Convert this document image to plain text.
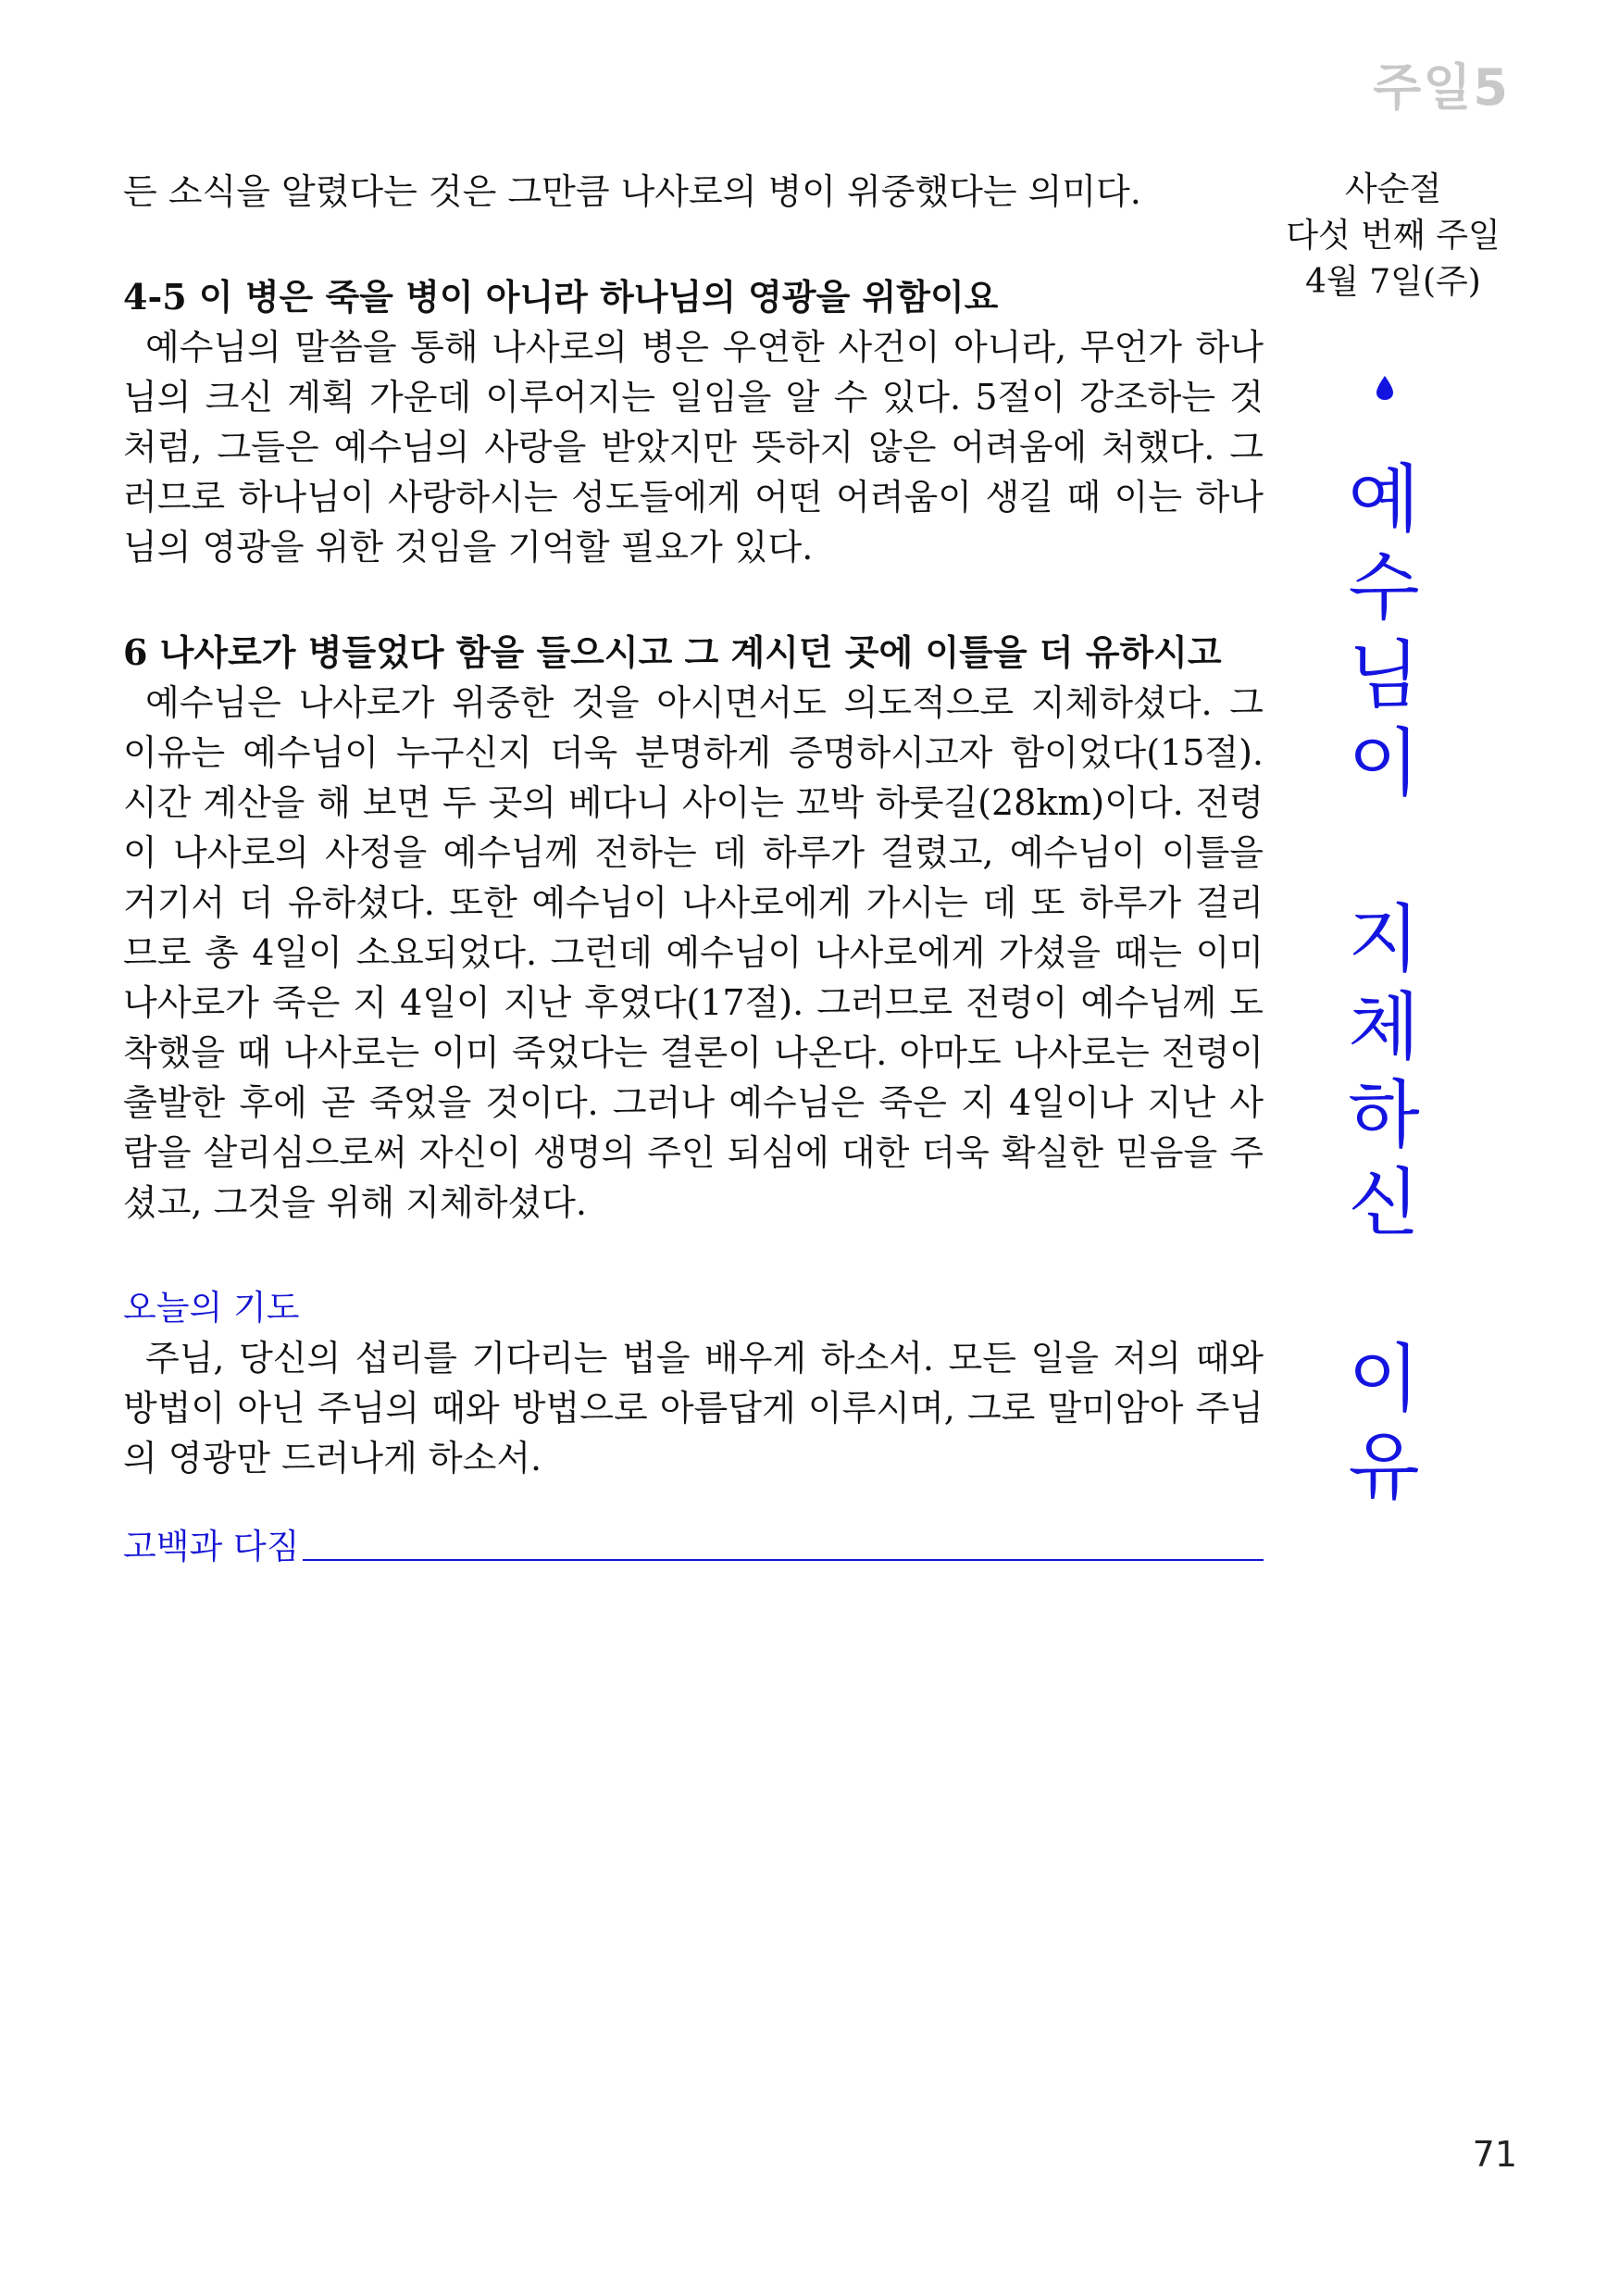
주일5

든 소식을 알렸다는 것은 그만큼 나사로의 병이 위중했다는 의미다.

4-5 이 병은 죽을 병이 아니라 하나님의 영광을 위함이요

예수님의 말씀을 통해 나사로의 병은 우연한 사건이 아니라, 무언가 하나님의 크신 계획 가운데 이루어지는 일임을 알 수 있다. 5절이 강조하는 것처럼, 그들은 예수님의 사랑을 받았지만 뜻하지 않은 어려움에 처했다. 그러므로 하나님이 사랑하시는 성도들에게 어떤 어려움이 생길 때 이는 하나님의 영광을 위한 것임을 기억할 필요가 있다.

6 나사로가 병들었다 함을 들으시고 그 계시던 곳에 이틀을 더 유하시고

예수님은 나사로가 위중한 것을 아시면서도 의도적으로 지체하셨다. 그 이유는 예수님이 누구신지 더욱 분명하게 증명하시고자 함이었다(15절). 시간 계산을 해 보면 두 곳의 베다니 사이는 꼬박 하룻길(28km)이다. 전령이 나사로의 사정을 예수님께 전하는 데 하루가 걸렸고, 예수님이 이틀을 거기서 더 유하셨다. 또한 예수님이 나사로에게 가시는 데 또 하루가 걸리므로 총 4일이 소요되었다. 그런데 예수님이 나사로에게 가셨을 때는 이미 나사로가 죽은 지 4일이 지난 후였다(17절). 그러므로 전령이 예수님께 도착했을 때 나사로는 이미 죽었다는 결론이 나온다. 아마도 나사로는 전령이 출발한 후에 곧 죽었을 것이다. 그러나 예수님은 죽은 지 4일이나 지난 사람을 살리심으로써 자신이 생명의 주인 되심에 대한 더욱 확실한 믿음을 주셨고, 그것을 위해 지체하셨다.

오늘의 기도

주님, 당신의 섭리를 기다리는 법을 배우게 하소서. 모든 일을 저의 때와 방법이 아닌 주님의 때와 방법으로 아름답게 이루시며, 그로 말미암아 주님의 영광만 드러나게 하소서.

고백과 다짐
사순절
다섯 번째 주일
4월 7일(주)
예
수
님
이
지
체
하
신
이
유
71
